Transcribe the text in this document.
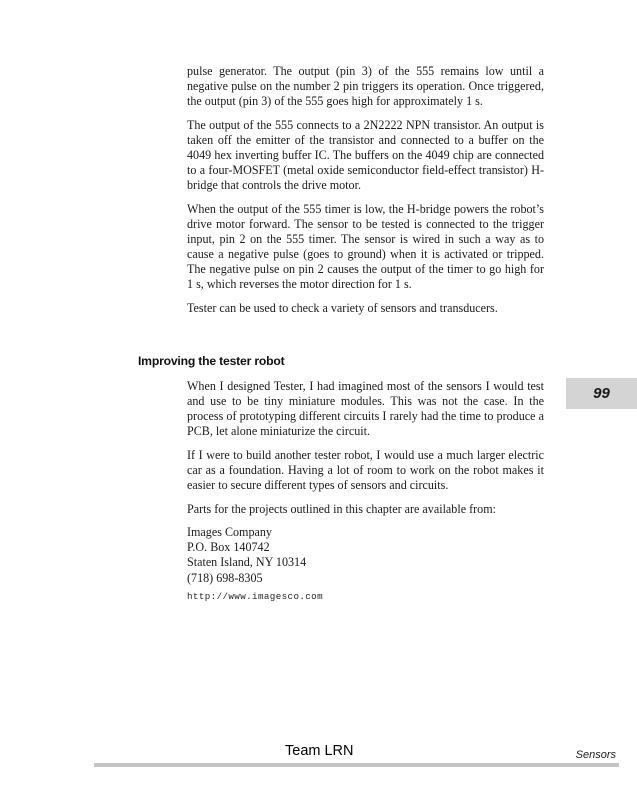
pulse generator. The output (pin 3) of the 555 remains low until a negative pulse on the number 2 pin triggers its operation. Once triggered, the output (pin 3) of the 555 goes high for approximately 1 s.

The output of the 555 connects to a 2N2222 NPN transistor. An output is taken off the emitter of the transistor and connected to a buffer on the 4049 hex inverting buffer IC. The buffers on the 4049 chip are connected to a four-MOSFET (metal oxide semiconductor field-effect transistor) H-bridge that controls the drive motor.

When the output of the 555 timer is low, the H-bridge powers the robot’s drive motor forward. The sensor to be tested is connected to the trigger input, pin 2 on the 555 timer. The sensor is wired in such a way as to cause a negative pulse (goes to ground) when it is activated or tripped. The negative pulse on pin 2 causes the output of the timer to go high for 1 s, which reverses the motor direction for 1 s.

Tester can be used to check a variety of sensors and transducers.

Improving the tester robot

When I designed Tester, I had imagined most of the sensors I would test and use to be tiny miniature modules. This was not the case. In the process of prototyping different circuits I rarely had the time to produce a PCB, let alone miniaturize the circuit.

If I were to build another tester robot, I would use a much larger electric car as a foundation. Having a lot of room to work on the robot makes it easier to secure different types of sensors and circuits.

Parts for the projects outlined in this chapter are available from:

Images Company
P.O. Box 140742
Staten Island, NY 10314
(718) 698-8305
http://www.imagesco.com
99
Team LRN	Sensors
